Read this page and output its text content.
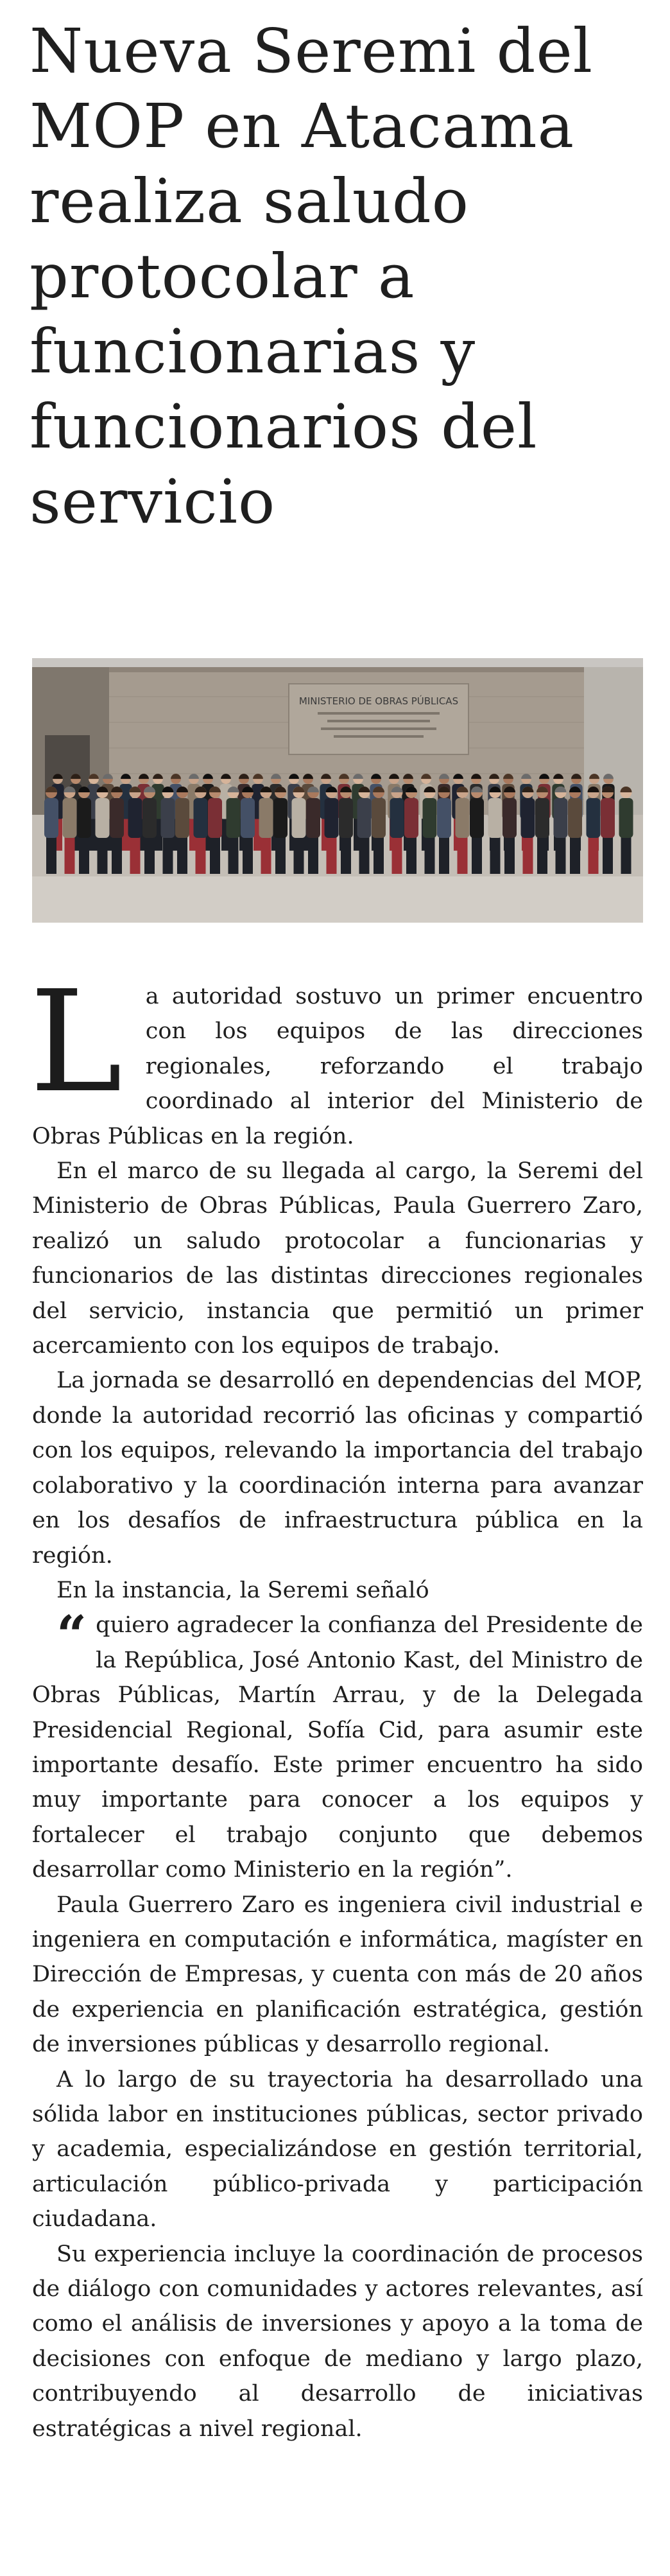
Nueva Seremi del MOP en Atacama realiza saludo protocolar a funcionarias y funcionarios del servicio
MINISTERIO DE OBRAS PÚBLICAS
L	a autoridad sostuvo un primer encuentro con los equipos de las direcciones regionales, reforzando el trabajo coordinado al interior del Ministerio de Obras Públicas en la región.

En el marco de su llegada al cargo, la Seremi del Ministerio de Obras Públicas, Paula Guerrero Zaro, realizó un saludo protocolar a funcionarias y funcionarios de las distintas direcciones regionales del servicio, instancia que permitió un primer acercamiento con los equipos de trabajo.

La jornada se desarrolló en dependencias del MOP, donde la autoridad recorrió las oficinas y compartió con los equipos, relevando la importancia del trabajo colaborativo y la coordinación interna para avanzar en los desafíos de infraestructura pública en la región.

En la instancia, la Seremi señaló

“ quiero agradecer la confianza del Presidente de la República, José Antonio Kast, del Ministro de Obras Públicas, Martín Arrau, y de la Delegada Presidencial Regional, Sofía Cid, para asumir este importante desafío. Este primer encuentro ha sido muy importante para conocer a los equipos y fortalecer el trabajo conjunto que debemos desarrollar como Ministerio en la región”.

Paula Guerrero Zaro es ingeniera civil industrial e ingeniera en computación e informática, magíster en Dirección de Empresas, y cuenta con más de 20 años de experiencia en planificación estratégica, gestión de inversiones públicas y desarrollo regional.

A lo largo de su trayectoria ha desarrollado una sólida labor en instituciones públicas, sector privado y academia, especializándose en gestión territorial, articulación público-privada y participación ciudadana.

Su experiencia incluye la coordinación de procesos de diálogo con comunidades y actores relevantes, así como el análisis de inversiones y apoyo a la toma de decisiones con enfoque de mediano y largo plazo, contribuyendo al desarrollo de iniciativas estratégicas a nivel regional.
